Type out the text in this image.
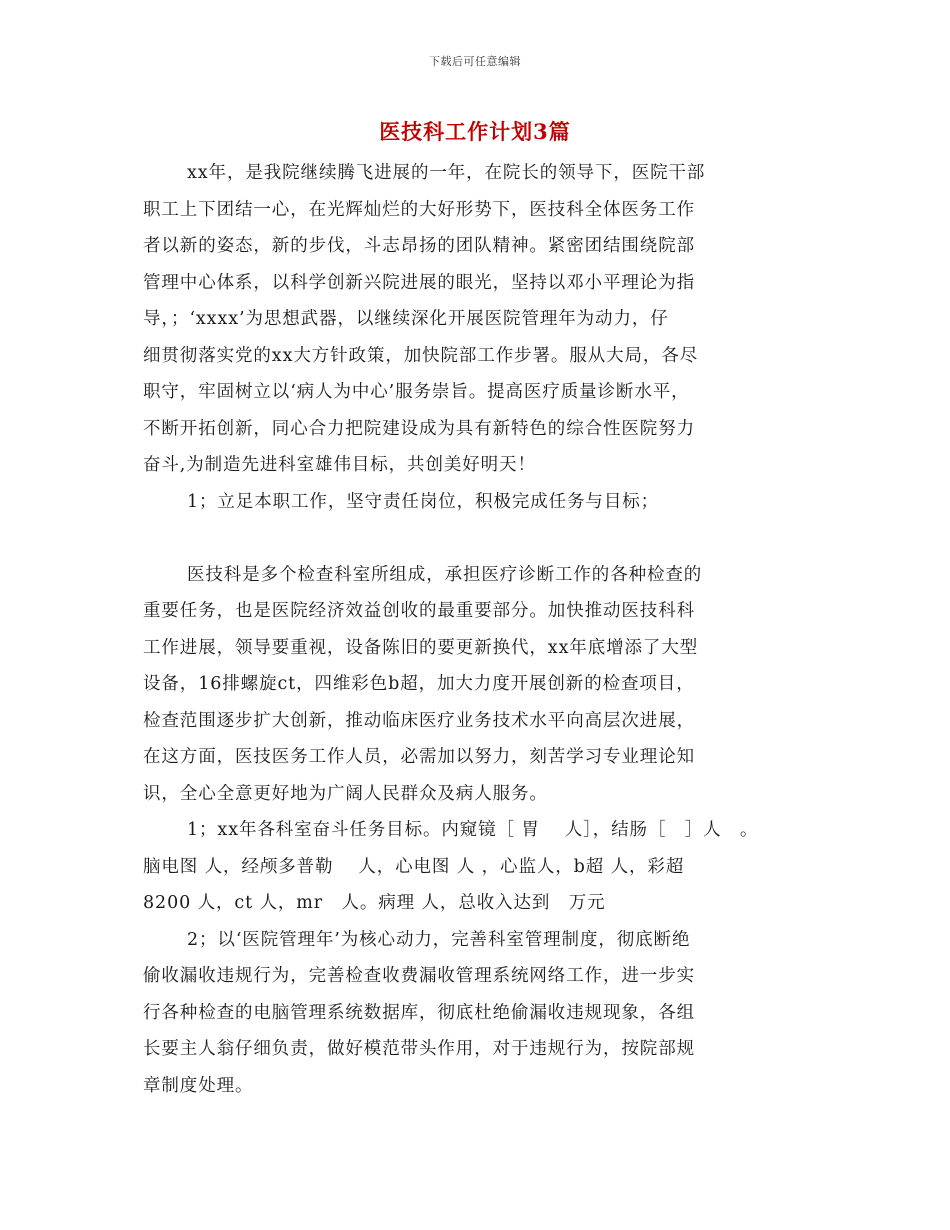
下载后可任意编辑
医技科工作计划3篇
xx年，是我院继续腾飞进展的一年，在院长的领导下，医院干部
职工上下团结一心，在光辉灿烂的大好形势下，医技科全体医务工作
者以新的姿态，新的步伐，斗志昂扬的团队精神。紧密团结围绕院部
管理中心体系，以科学创新兴院进展的眼光，坚持以邓小平理论为指
导，；‘xxxx’为思想武器，以继续深化开展医院管理年为动力，仔
细贯彻落实党的xx大方针政策，加快院部工作步署。服从大局，各尽
职守，牢固树立以‘病人为中心’服务崇旨。提高医疗质量诊断水平，
不断开拓创新，同心合力把院建设成为具有新特色的综合性医院努力
奋斗,为制造先进科室雄伟目标，共创美好明天！
1；立足本职工作，坚守责任岗位，积极完成任务与目标；
医技科是多个检查科室所组成，承担医疗诊断工作的各种检查的
重要任务，也是医院经济效益创收的最重要部分。加快推动医技科科
工作进展，领导要重视，设备陈旧的要更新换代，xx年底增添了大型
设备，16排螺旋ct，四维彩色b超，加大力度开展创新的检查项目，
检查范围逐步扩大创新，推动临床医疗业务技术水平向高层次进展，
在这方面，医技医务工作人员，必需加以努力，刻苦学习专业理论知
识，全心全意更好地为广阔人民群众及病人服务。
1；xx年各科室奋斗任务目标。内窥镜［ 胃　 人］，结肠［　］人　。
脑电图 人，经颅多普勒　 人，心电图 人 ，心监人，b超 人，彩超
8200 人，ct 人，mr　人。病理 人，总收入达到　万元
2；以‘医院管理年’为核心动力，完善科室管理制度，彻底断绝
偷收漏收违规行为，完善检查收费漏收管理系统网络工作，进一步实
行各种检查的电脑管理系统数据库，彻底杜绝偷漏收违规现象，各组
长要主人翁仔细负责，做好模范带头作用，对于违规行为，按院部规
章制度处理。
